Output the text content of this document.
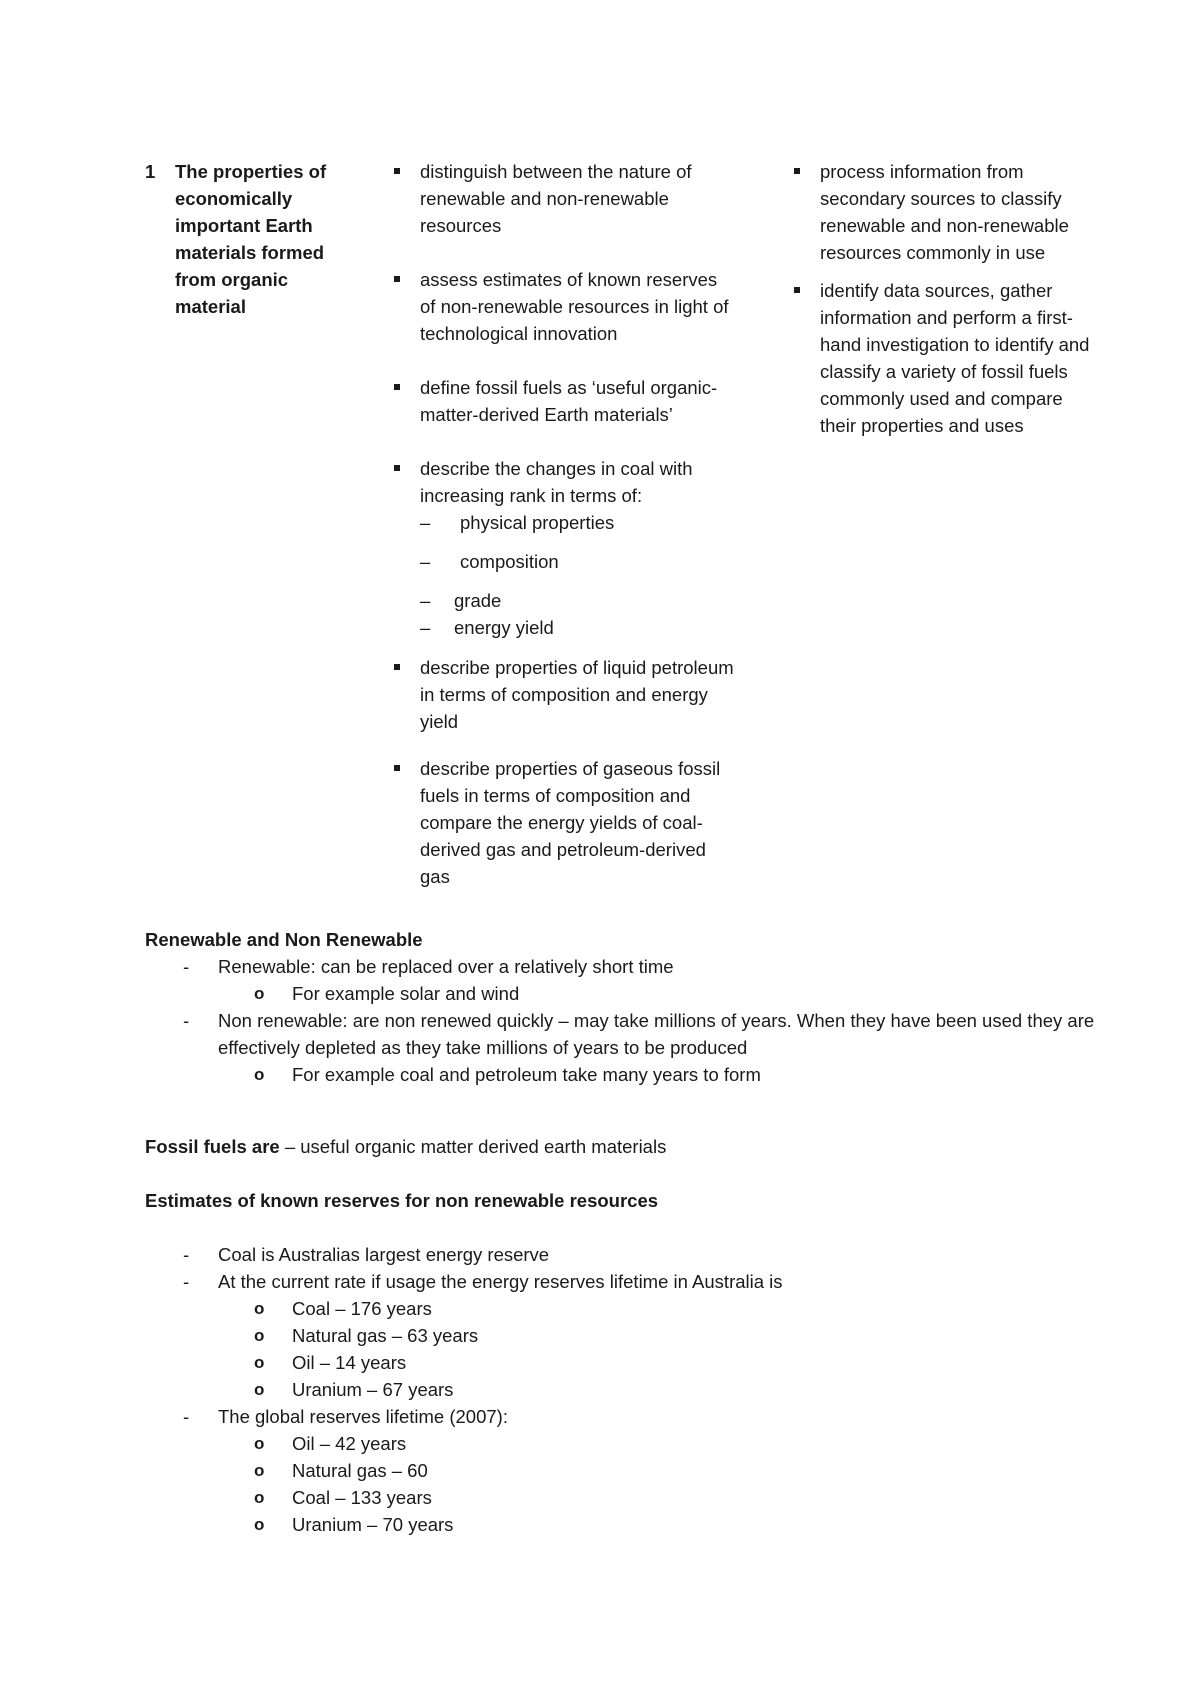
1 The properties of economically important Earth materials formed from organic material
distinguish between the nature of renewable and non-renewable resources
assess estimates of known reserves of non-renewable resources in light of technological innovation
define fossil fuels as ‘useful organic-matter-derived Earth materials’
describe the changes in coal with increasing rank in terms of:
– physical properties
– composition
– grade
– energy yield
describe properties of liquid petroleum in terms of composition and energy yield
describe properties of gaseous fossil fuels in terms of composition and compare the energy yields of coal-derived gas and petroleum-derived gas
process information from secondary sources to classify renewable and non-renewable resources commonly in use
identify data sources, gather information and perform a first-hand investigation to identify and classify a variety of fossil fuels commonly used and compare their properties and uses
Renewable and Non Renewable
- Renewable: can be replaced over a relatively short time
o For example solar and wind
- Non renewable: are non renewed quickly – may take millions of years. When they have been used they are effectively depleted as they take millions of years to be produced
o For example coal and petroleum take many years to form
Fossil fuels are – useful organic matter derived earth materials
Estimates of known reserves for non renewable resources
- Coal is Australias largest energy reserve
- At the current rate if usage the energy reserves lifetime in Australia is
o Coal – 176 years
o Natural gas – 63 years
o Oil – 14 years
o Uranium – 67 years
- The global reserves lifetime (2007):
o Oil – 42 years
o Natural gas – 60
o Coal – 133 years
o Uranium – 70 years
